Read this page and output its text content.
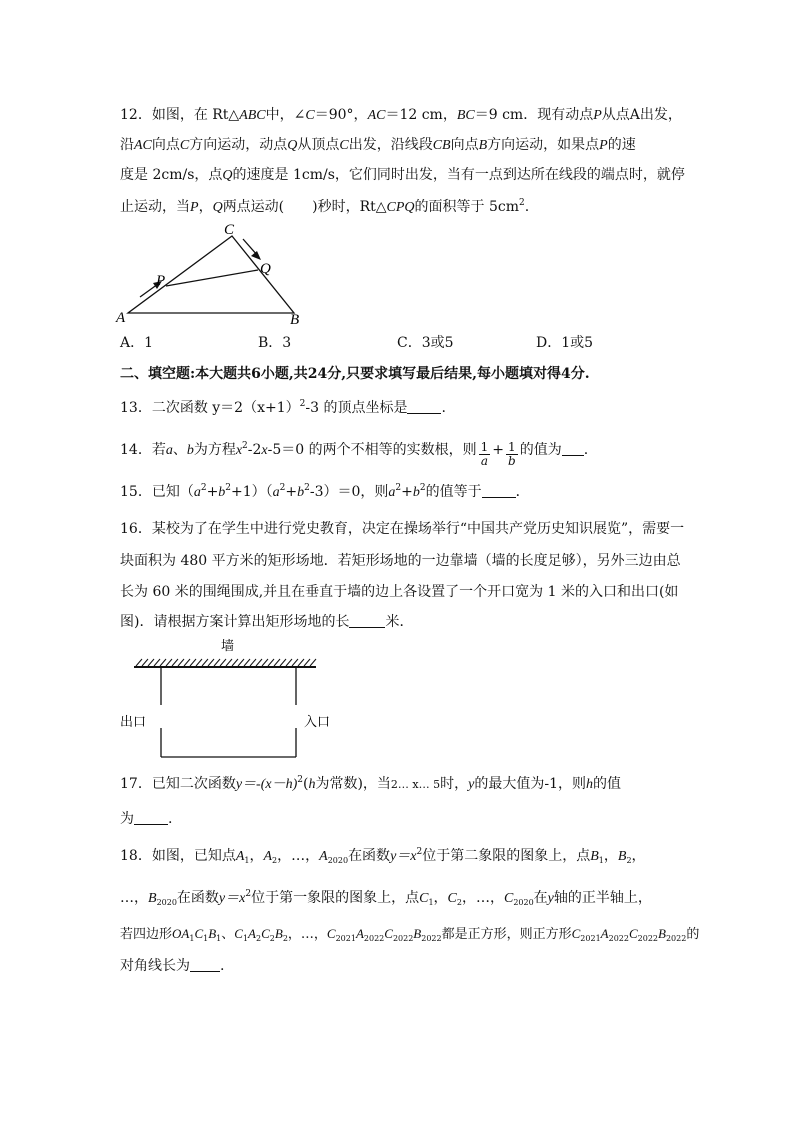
12．如图，在 Rt△ABC中，∠C＝90°，AC＝12 cm，BC＝9 cm．现有动点P从点A出发，
沿AC向点C方向运动，动点Q从顶点C出发，沿线段CB向点B方向运动，如果点P的速
度是 2cm/s，点Q的速度是 1cm/s，它们同时出发，当有一点到达所在线段的端点时，就停
止运动，当P，Q两点运动(　　)秒时，Rt△CPQ的面积等于 $5cm^2$.
A	B
C
P
Q
A．1	B．3	C．3或5	D．1或5
二、填空题:本大题共6小题,共24分,只要求填写最后结果,每小题填对得4分.
13．二次函数 $y=2(x+1)^2-3$ 的顶点坐标是 .
14．若a、b为方程$x^2-2x-5=0$ 的两个不相等的实数根，则 $\frac{1}{a} + \frac{1}{b}$ 的值为 .
15．已知$(a^2+b^2+1)(a^2+b^2-3)=0$，则$a^2+b^2$的值等于 ．
16．某校为了在学生中进行党史教育，决定在操场举行“中国共产党历史知识展览”，需要一
块面积为 480 平方米的矩形场地．若矩形场地的一边靠墙（墙的长度足够），另外三边由总
长为 60 米的围绳围成,并且在垂直于墙的边上各设置了一个开口宽为 1 米的入口和出口(如
图)．请根据方案计算出矩形场地的长	米．
墙
出口	入口
17．已知二次函数$y=-(x-h)^2(h$为常数)，当2… x… 5时，y的最大值为-1，则h的值
为 .
18．如图，已知点$A_1$，$A_2$，…，$A_{2020}$在函数$y=x^2$位于第二象限的图象上，点$B_1$，$B_2$，
…，$B_{2020}$在函数$y=x^2$位于第一象限的图象上，点$C_1$，$C_2$，…，$C_{2020}$在y轴的正半轴上，
若四边形$OA_1C_1B_1$、$C_1A_2C_2B_2$，…，$C_{2021}A_{2022}C_{2022}B_{2022}$都是正方形，则正方形$C_{2021}A_{2022}C_{2022}B_{2022}$的
对角线长为 .
